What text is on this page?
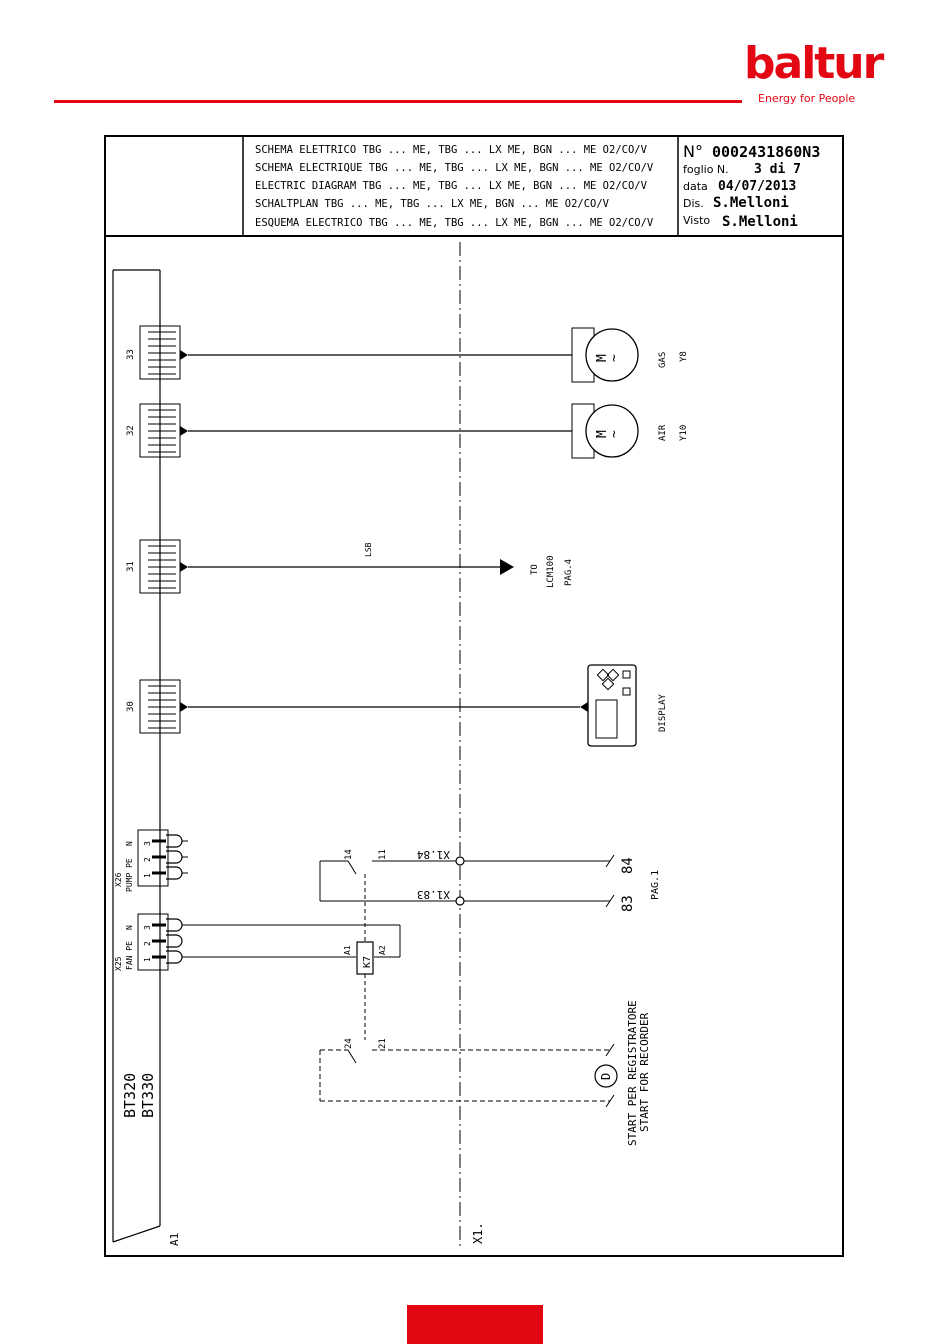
baltur
Energy for People
SCHEMA ELETTRICO TBG ... ME, TBG ... LX ME, BGN ... ME O2/CO/V
SCHEMA ELECTRIQUE TBG ... ME, TBG ... LX ME, BGN ... ME O2/CO/V
ELECTRIC DIAGRAM TBG ... ME, TBG ... LX ME, BGN ... ME O2/CO/V
SCHALTPLAN TBG ... ME, TBG ... LX ME, BGN ... ME O2/CO/V
ESQUEMA ELECTRICO TBG ... ME, TBG ... LX ME, BGN ... ME O2/CO/V
N° 0002431860N3
foglio N. 3 di 7
data 04/07/2013
Dis. S.Melloni
Visto S.Melloni
BT320 BT330
A1	X1.
33	M
~	GAS Y8
32	M
~	AIR Y10
31
LSB
TO LCM100 PAG.4
30	DISPLAY
X26 PUMP PE
N
1
2
3
X25 FAN PE
N
1
2
3
K7
A1	A2
14	11	X1.84
X1.83
84
83
PAG.1
D
24	21	START PER REGISTRATORE START FOR RECORDER
